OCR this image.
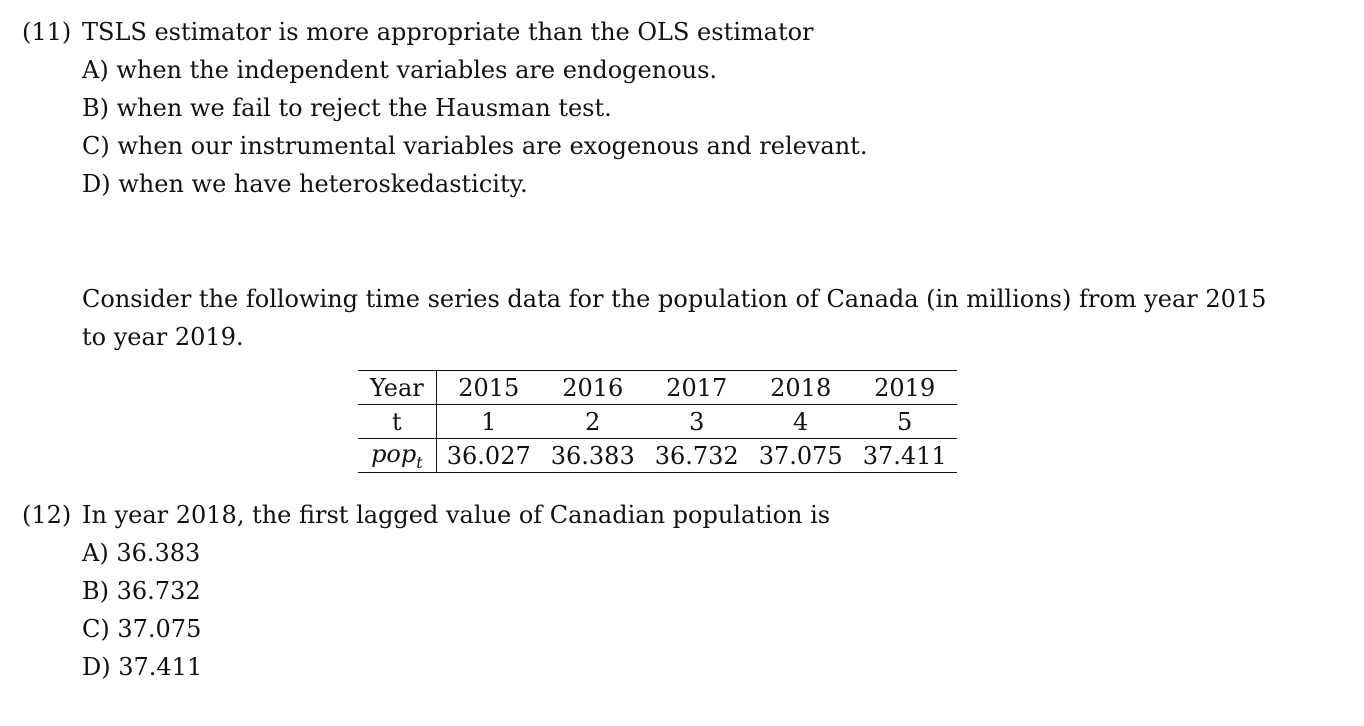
(11) TSLS estimator is more appropriate than the OLS estimator
A) when the independent variables are endogenous.
B) when we fail to reject the Hausman test.
C) when our instrumental variables are exogenous and relevant.
D) when we have heteroskedasticity.
Consider the following time series data for the population of Canada (in millions) from year 2015 to year 2019.
Year	2015	2016	2017	2018	2019
t	1	2	3	4	5
pop$_t$	36.027	36.383	36.732	37.075	37.411
(12) In year 2018, the first lagged value of Canadian population is
A) 36.383
B) 36.732
C) 37.075
D) 37.411
